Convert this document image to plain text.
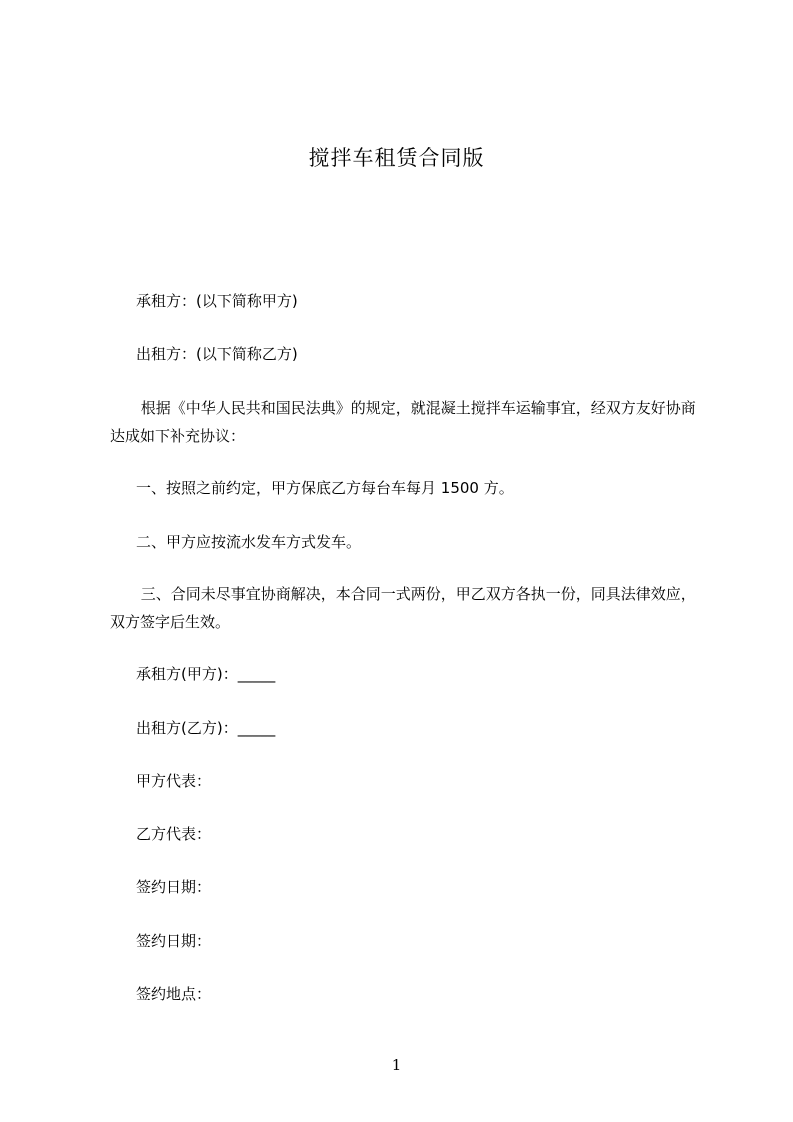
搅拌车租赁合同版

承租方：(以下简称甲方)

出租方：(以下简称乙方)

根据《中华人民共和国民法典》的规定，就混凝土搅拌车运输事宜，经双方友好协商达成如下补充协议：

一、按照之前约定，甲方保底乙方每台车每月 1500 方。

二、甲方应按流水发车方式发车。

三、合同未尽事宜协商解决，本合同一式两份，甲乙双方各执一份，同具法律效应，双方签字后生效。

承租方(甲方)：_____

出租方(乙方)：_____

甲方代表：

乙方代表：

签约日期：

签约日期：

签约地点：

1
